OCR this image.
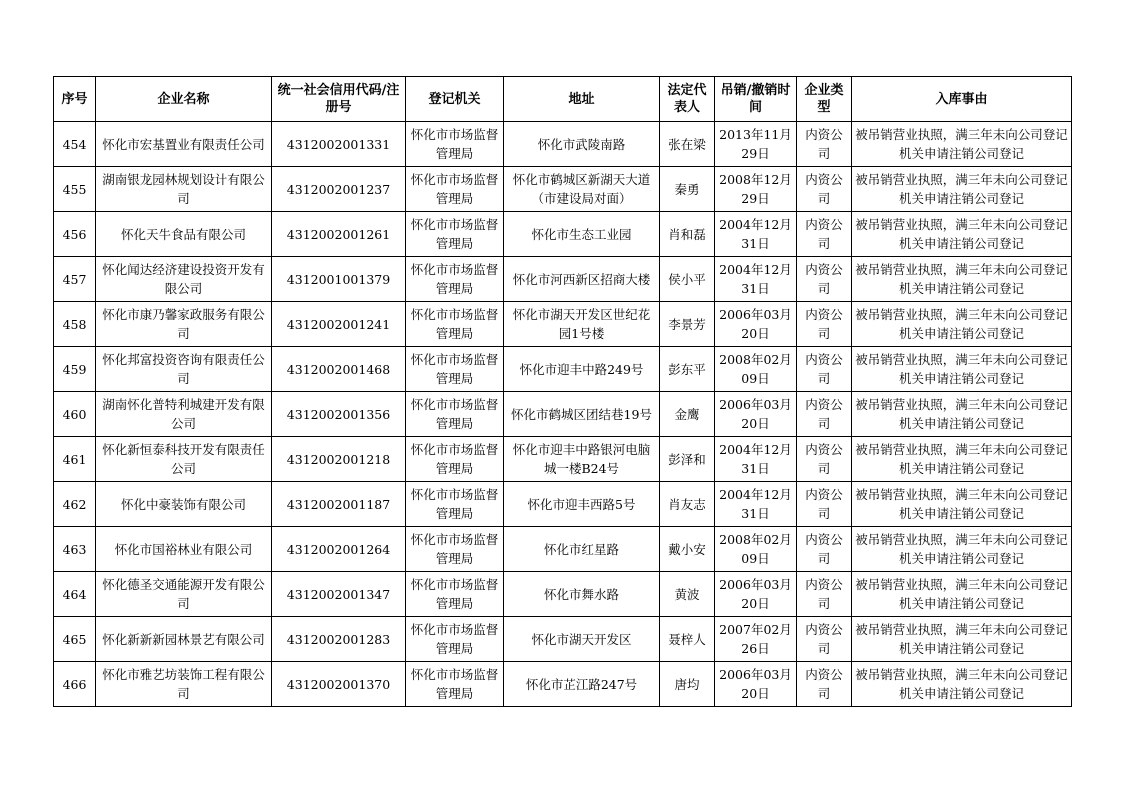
序号	企业名称	统一社会信用代码/注册号	登记机关	地址	法定代表人	吊销/撤销时间	企业类型	入库事由
454	怀化市宏基置业有限责任公司	4312002001331	怀化市市场监督管理局	怀化市武陵南路	张在梁	2013年11月29日	内资公司	被吊销营业执照，满三年未向公司登记机关申请注销公司登记
455	湖南银龙园林规划设计有限公司	4312002001237	怀化市市场监督管理局	怀化市鹤城区新湖天大道（市建设局对面）	秦勇	2008年12月29日	内资公司	被吊销营业执照，满三年未向公司登记机关申请注销公司登记
456	怀化天牛食品有限公司	4312002001261	怀化市市场监督管理局	怀化市生态工业园	肖和磊	2004年12月31日	内资公司	被吊销营业执照，满三年未向公司登记机关申请注销公司登记
457	怀化闻达经济建设投资开发有限公司	4312001001379	怀化市市场监督管理局	怀化市河西新区招商大楼	侯小平	2004年12月31日	内资公司	被吊销营业执照，满三年未向公司登记机关申请注销公司登记
458	怀化市康乃馨家政服务有限公司	4312002001241	怀化市市场监督管理局	怀化市湖天开发区世纪花园1号楼	李景芳	2006年03月20日	内资公司	被吊销营业执照，满三年未向公司登记机关申请注销公司登记
459	怀化邦富投资咨询有限责任公司	4312002001468	怀化市市场监督管理局	怀化市迎丰中路249号	彭东平	2008年02月09日	内资公司	被吊销营业执照，满三年未向公司登记机关申请注销公司登记
460	湖南怀化普特利城建开发有限公司	4312002001356	怀化市市场监督管理局	怀化市鹤城区团结巷19号	金鹰	2006年03月20日	内资公司	被吊销营业执照，满三年未向公司登记机关申请注销公司登记
461	怀化新恒泰科技开发有限责任公司	4312002001218	怀化市市场监督管理局	怀化市迎丰中路银河电脑城一楼B24号	彭泽和	2004年12月31日	内资公司	被吊销营业执照，满三年未向公司登记机关申请注销公司登记
462	怀化中豪装饰有限公司	4312002001187	怀化市市场监督管理局	怀化市迎丰西路5号	肖友志	2004年12月31日	内资公司	被吊销营业执照，满三年未向公司登记机关申请注销公司登记
463	怀化市国裕林业有限公司	4312002001264	怀化市市场监督管理局	怀化市红星路	戴小安	2008年02月09日	内资公司	被吊销营业执照，满三年未向公司登记机关申请注销公司登记
464	怀化德圣交通能源开发有限公司	4312002001347	怀化市市场监督管理局	怀化市舞水路	黄波	2006年03月20日	内资公司	被吊销营业执照，满三年未向公司登记机关申请注销公司登记
465	怀化新新新园林景艺有限公司	4312002001283	怀化市市场监督管理局	怀化市湖天开发区	聂梓人	2007年02月26日	内资公司	被吊销营业执照，满三年未向公司登记机关申请注销公司登记
466	怀化市雅艺坊装饰工程有限公司	4312002001370	怀化市市场监督管理局	怀化市芷江路247号	唐均	2006年03月20日	内资公司	被吊销营业执照，满三年未向公司登记机关申请注销公司登记
